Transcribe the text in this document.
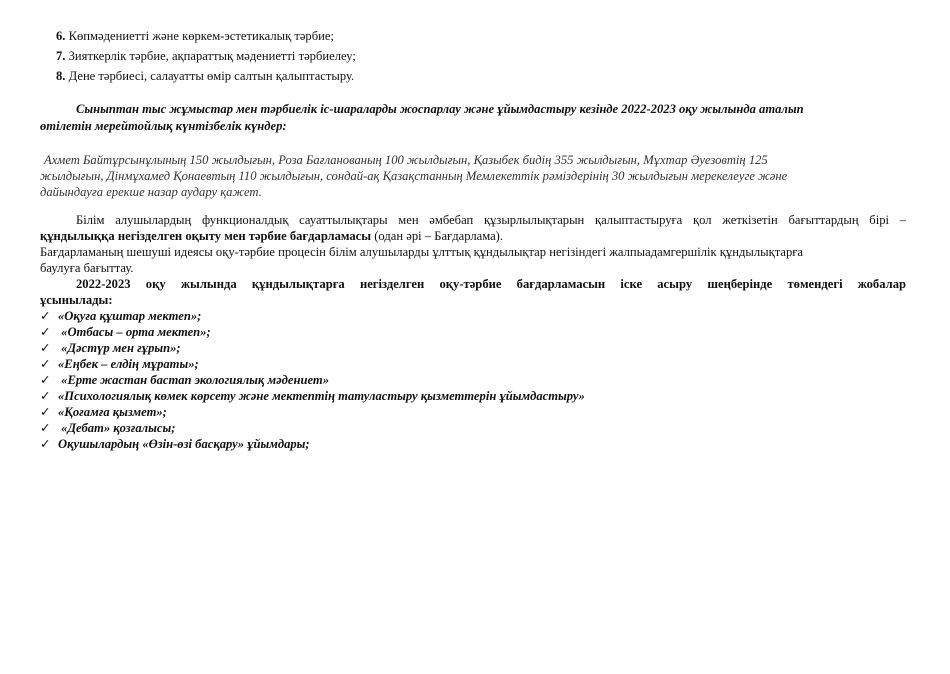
6. Көпмәдениетті және көркем-эстетикалық тәрбие;
7. Зияткерлік тәрбие, ақпараттық мәдениетті тәрбиелеу;
8. Дене тәрбиесі, салауатты өмір салтын қалыптастыру.
Сыныптан тыс жұмыстар мен тәрбиелік іс-шараларды жоспарлау және ұйымдастыру кезінде 2022-2023 оқу жылында аталып
өтілетін мерейтойлық күнтізбелік күндер:
Ахмет Байтұрсынұлының 150 жылдығын, Роза Бағланованың 100 жылдығын, Қазыбек бидің 355 жылдығын, Мұхтар Әуезовтің 125
жылдығын, Дінмұхамед Қонаевтың 110 жылдығын, сондай-ақ Қазақстанның Мемлекеттік рәміздерінің 30 жылдығын мерекелеуге және
дайындауға ерекше назар аудару қажет.
Білім алушылардың функционалдық сауаттылықтары мен әмбебап құзырлылықтарын қалыптастыруға қол жеткізетін бағыттардың бірі –
құндылыққа негізделген оқыту мен тәрбие бағдарламасы (одан әрі – Бағдарлама).
Бағдарламаның шешуші идеясы оқу-тәрбие процесін білім алушыларды ұлттық құндылықтар негізіндегі жалпыадамгершілік құндылықтарға
баулуға бағыттау.
2022-2023 оқу жылында құндылықтарға негізделген оқу-тәрбие бағдарламасын іске асыру шеңберінде төмендегі жобалар
ұсынылады:
✓ «Оқуға құштар мектеп»;
✓ «Отбасы – орта мектеп»;
✓ «Дәстүр мен ғұрып»;
✓ «Еңбек – елдің мұраты»;
✓ «Ерте жастан бастап экологиялық мәдениет»
✓ «Психологиялық көмек көрсету және мектептің татуластыру қызметтерін ұйымдастыру»
✓ «Қоғамға қызмет»;
✓ «Дебат» қозғалысы;
✓ Оқушылардың «Өзін-өзі басқару» ұйымдары;
